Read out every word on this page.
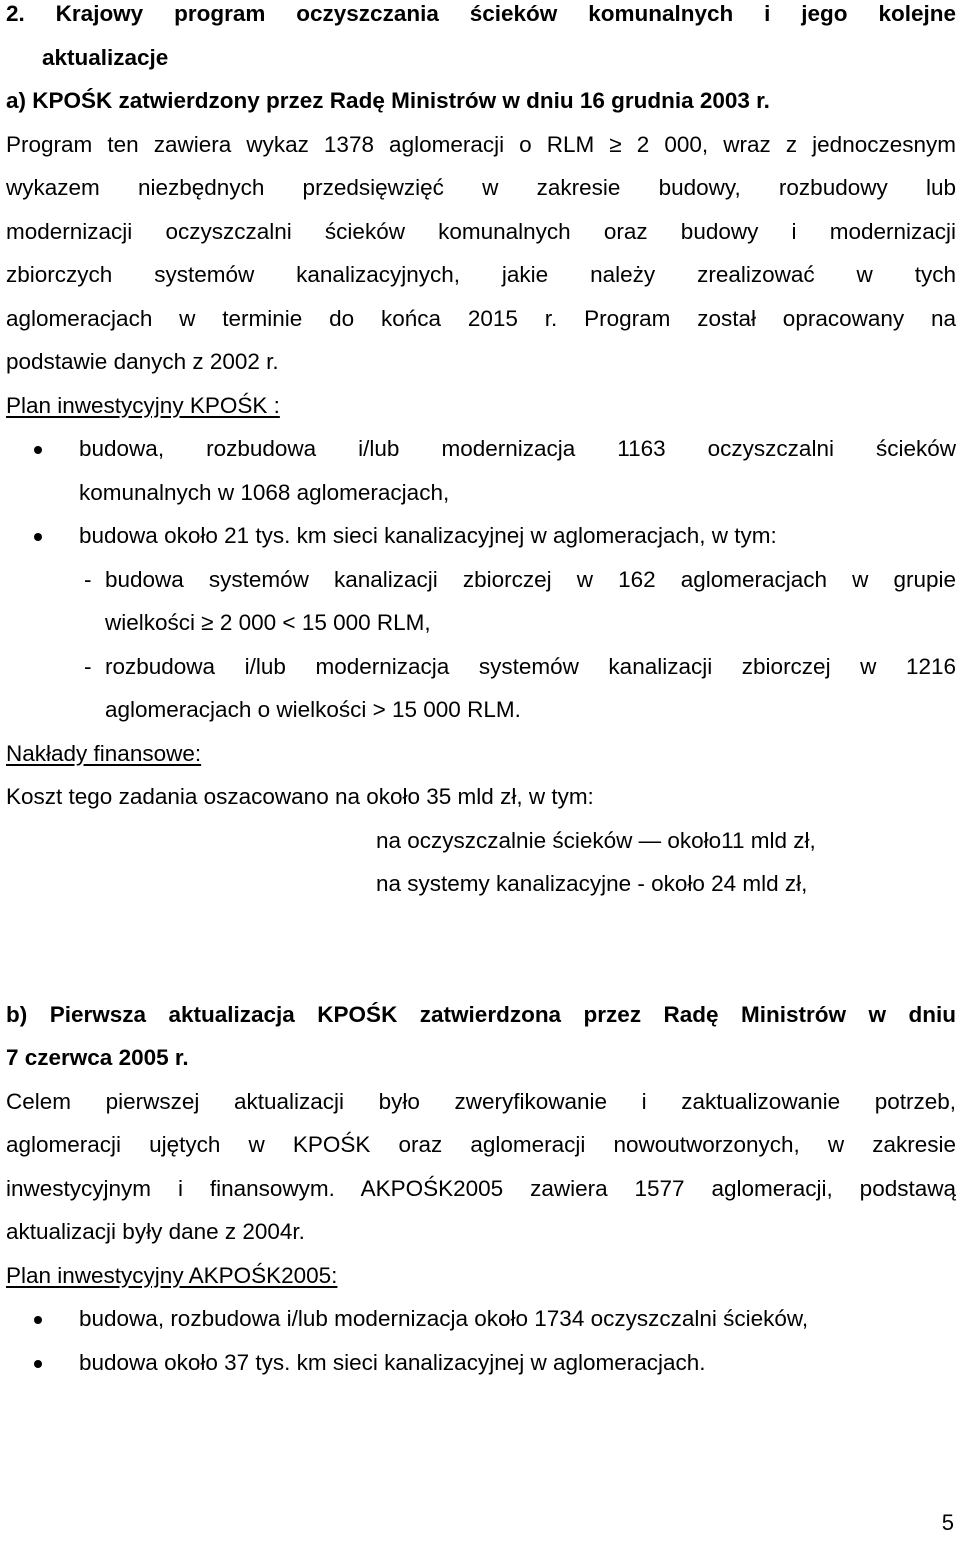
2. Krajowy program oczyszczania ścieków komunalnych i jego kolejne
aktualizacje
a) KPOŚK zatwierdzony przez Radę Ministrów w dniu 16 grudnia 2003 r.
Program ten zawiera wykaz 1378 aglomeracji o RLM ≥ 2 000, wraz z jednoczesnym
wykazem niezbędnych przedsięwzięć w zakresie budowy, rozbudowy lub
modernizacji oczyszczalni ścieków komunalnych oraz budowy i modernizacji
zbiorczych systemów kanalizacyjnych, jakie należy zrealizować w tych
aglomeracjach w terminie do końca 2015 r. Program został opracowany na
podstawie danych z 2002 r.
Plan inwestycyjny KPOŚK :
budowa, rozbudowa i/lub modernizacja 1163 oczyszczalni ścieków
komunalnych w 1068 aglomeracjach,
budowa około 21 tys. km sieci kanalizacyjnej w aglomeracjach, w tym:
- budowa systemów kanalizacji zbiorczej w 162 aglomeracjach w grupie
wielkości ≥ 2 000 < 15 000 RLM,
- rozbudowa i/lub modernizacja systemów kanalizacji zbiorczej w 1216
aglomeracjach o wielkości > 15 000 RLM.
Nakłady finansowe:
Koszt tego zadania oszacowano na około 35 mld zł, w tym:
na oczyszczalnie ścieków ― około11 mld zł,
na systemy kanalizacyjne - około 24 mld zł,
b) Pierwsza aktualizacja KPOŚK zatwierdzona przez Radę Ministrów w dniu
7 czerwca 2005 r.
Celem pierwszej aktualizacji było zweryfikowanie i zaktualizowanie potrzeb,
aglomeracji ujętych w KPOŚK oraz aglomeracji nowoutworzonych, w zakresie
inwestycyjnym i finansowym. AKPOŚK2005 zawiera 1577 aglomeracji, podstawą
aktualizacji były dane z 2004r.
Plan inwestycyjny AKPOŚK2005:
budowa, rozbudowa i/lub modernizacja około 1734 oczyszczalni ścieków,
budowa około 37 tys. km sieci kanalizacyjnej w aglomeracjach.
5
